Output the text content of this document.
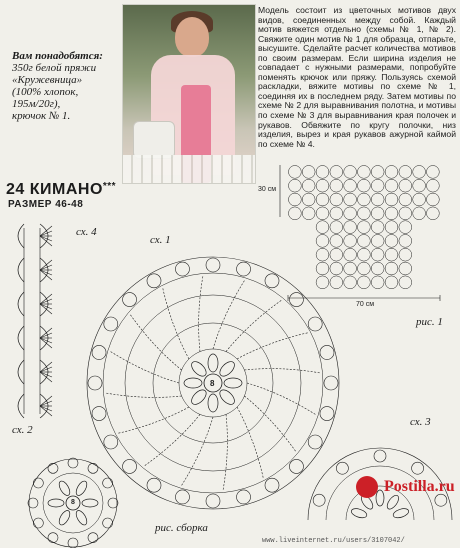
Вам понадобятся:
350г белой пряжи
«Кружевница»
(100% хлопок,
195м/20г),
крючок № 1.
Модель состоит из цветочных мотивов двух видов, соединенных между собой. Каждый мотив вяжется отдельно (схемы № 1, № 2). Свяжите один мотив № 1 для образца, отпарьте, высушите. Сделайте расчет количества мотивов по своим размерам. Если ширина изделия не совпадает с нужными размерами, попробуйте поменять крючок или пряжу. Пользуясь схемой раскладки, вяжите мотивы по схеме № 1, соединяя их в последнем ряду. Затем мотивы по схеме № 2 для выравнивания полотна, и мотивы по схеме № 3 для выравнивания края полочек и рукавов. Обвяжите по кругу полочки, низ изделия, вырез и края рукавов ажурной каймой по схеме № 4.
24 КИМАНО***
РАЗМЕР 46-48
сх. 4
сх. 1
сх. 2
сх. 3
рис. 1
рис. сборка
30 см
70 см
8
8
Postilla.ru
www.liveinternet.ru/users/3107042/
